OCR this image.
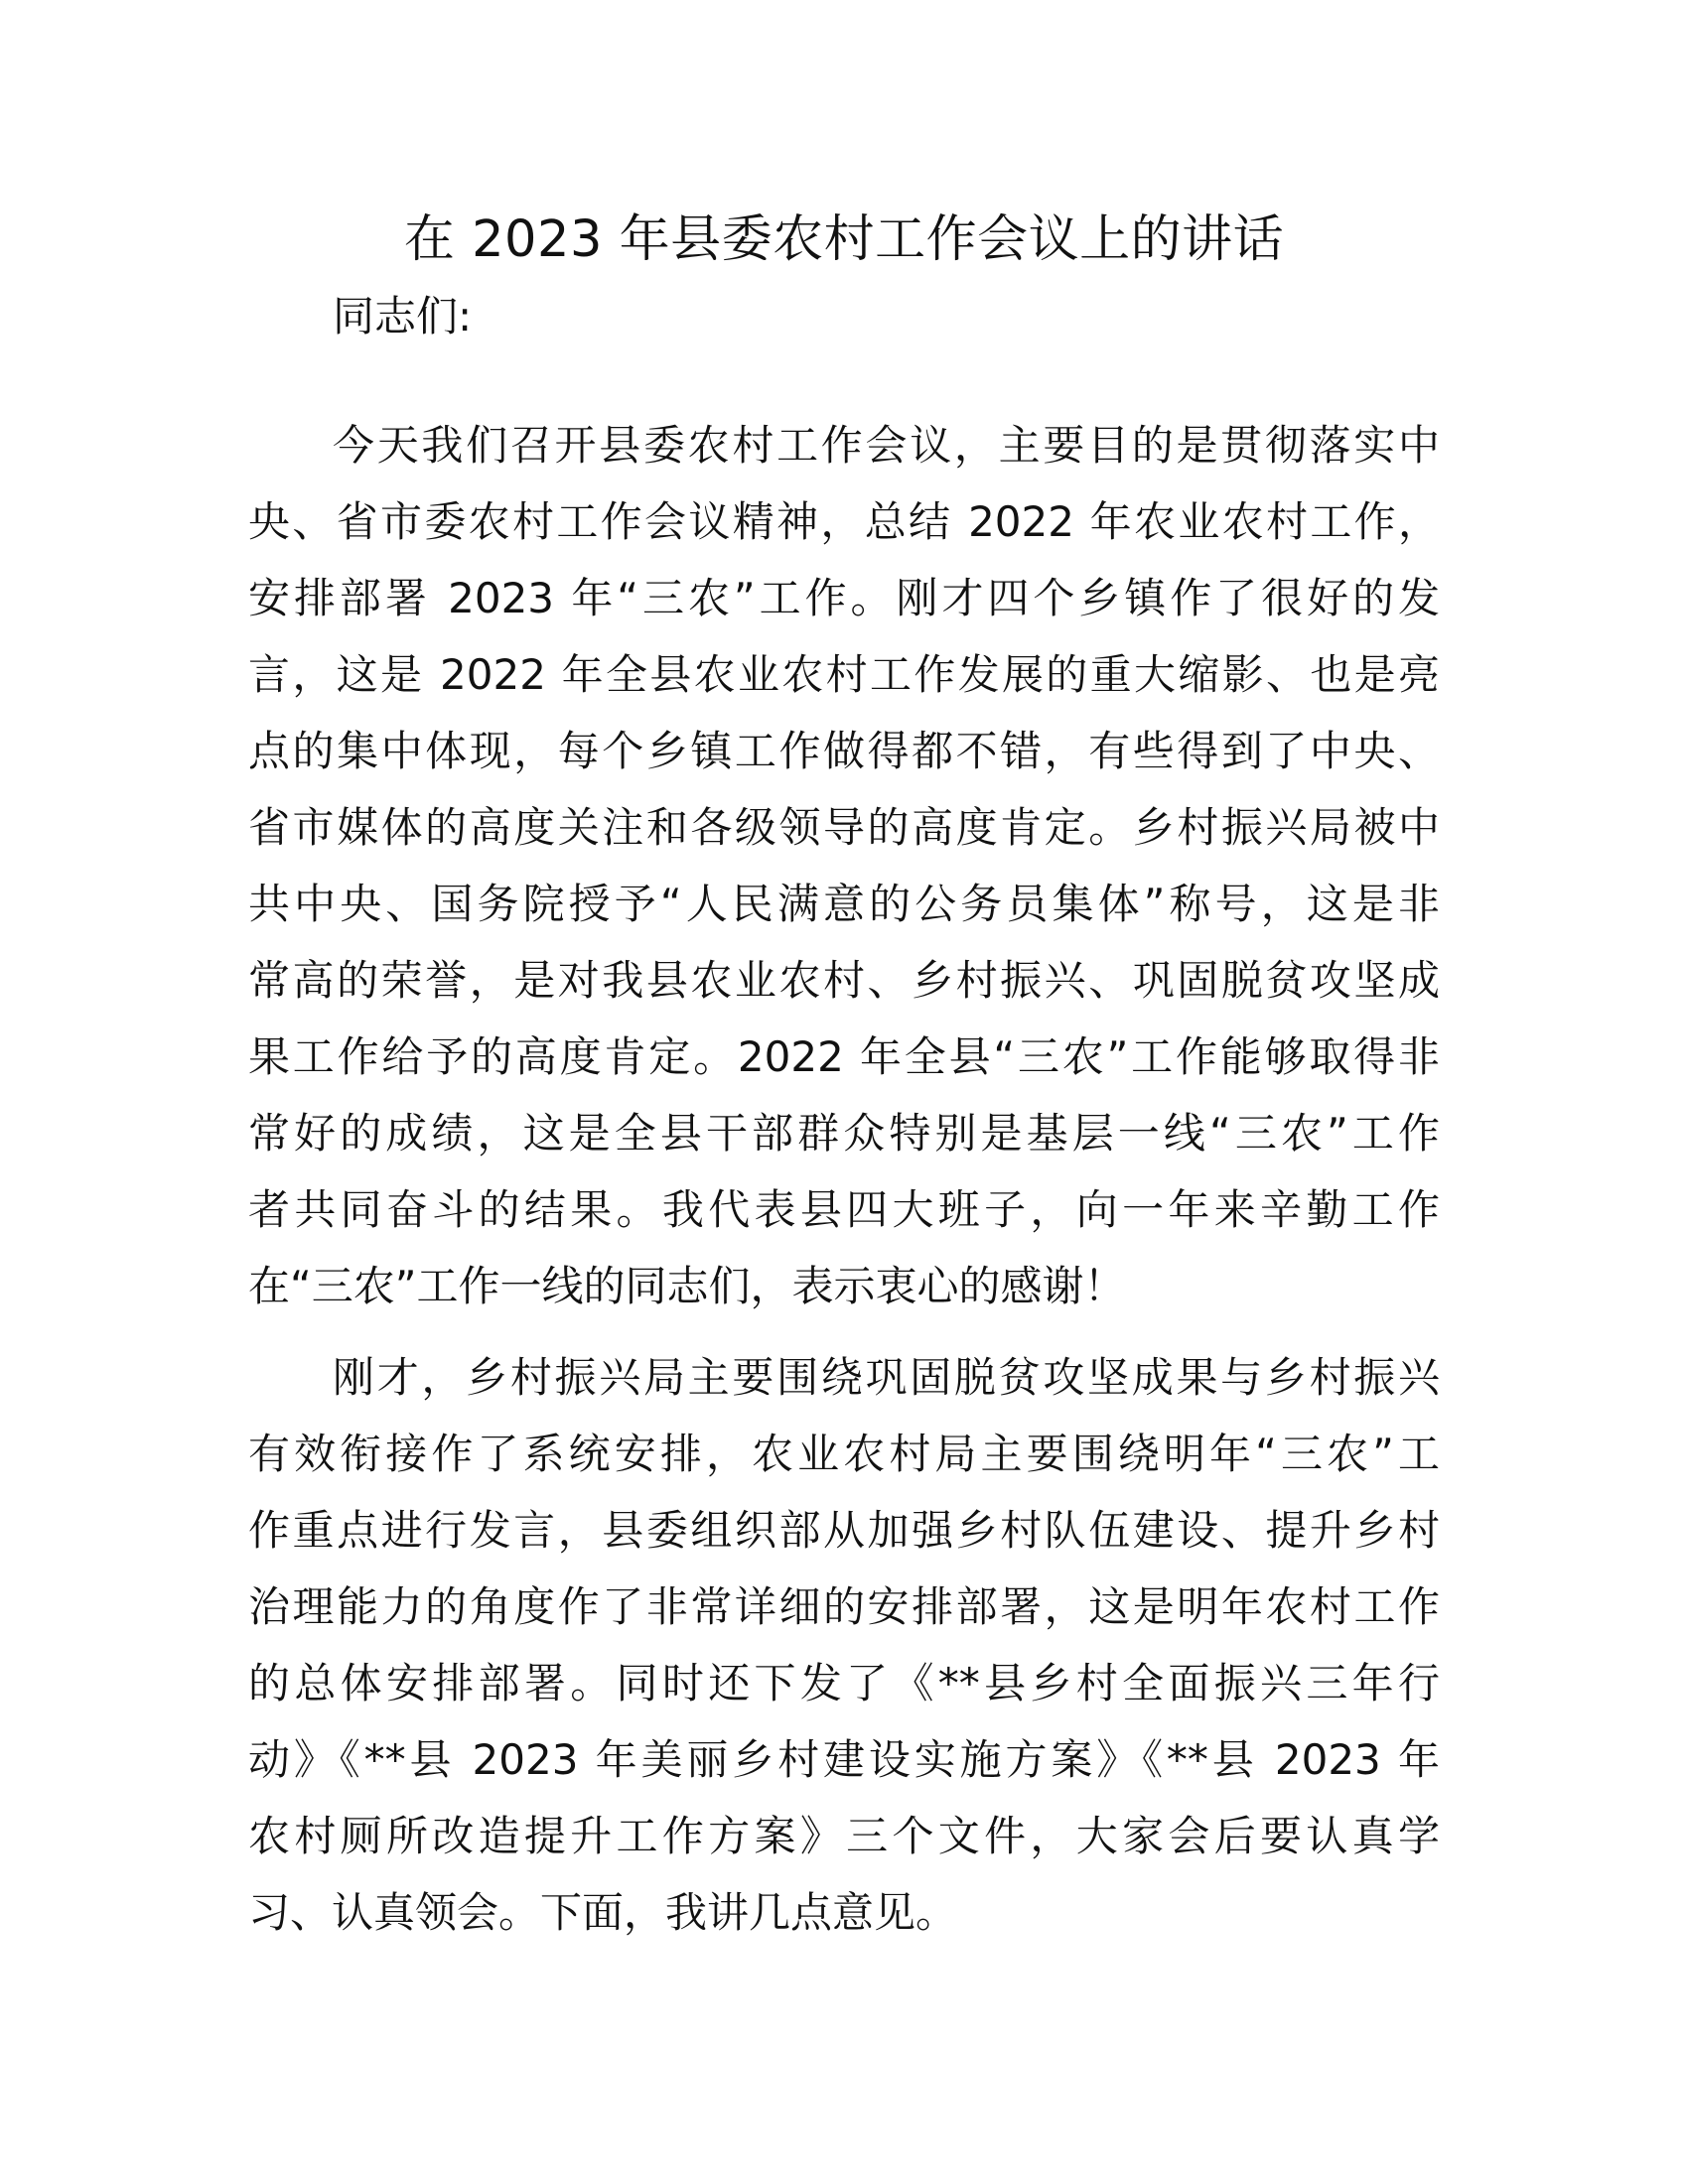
在 2023 年县委农村工作会议上的讲话

同志们:

今天我们召开县委农村工作会议，主要目的是贯彻落实中

央、省市委农村工作会议精神，总结 2022 年农业农村工作，

安排部署 2023 年“三农”工作。刚才四个乡镇作了很好的发

言，这是 2022 年全县农业农村工作发展的重大缩影、也是亮

点的集中体现，每个乡镇工作做得都不错，有些得到了中央、

省市媒体的高度关注和各级领导的高度肯定。乡村振兴局被中

共中央、国务院授予“人民满意的公务员集体”称号，这是非

常高的荣誉，是对我县农业农村、乡村振兴、巩固脱贫攻坚成

果工作给予的高度肯定。2022 年全县“三农”工作能够取得非

常好的成绩，这是全县干部群众特别是基层一线“三农”工作

者共同奋斗的结果。我代表县四大班子，向一年来辛勤工作

在“三农”工作一线的同志们，表示衷心的感谢！

刚才，乡村振兴局主要围绕巩固脱贫攻坚成果与乡村振兴

有效衔接作了系统安排，农业农村局主要围绕明年“三农”工

作重点进行发言，县委组织部从加强乡村队伍建设、提升乡村

治理能力的角度作了非常详细的安排部署，这是明年农村工作

的总体安排部署。同时还下发了《**县乡村全面振兴三年行

动》《**县 2023 年美丽乡村建设实施方案》《**县 2023 年

农村厕所改造提升工作方案》三个文件，大家会后要认真学

习、认真领会。下面，我讲几点意见。
